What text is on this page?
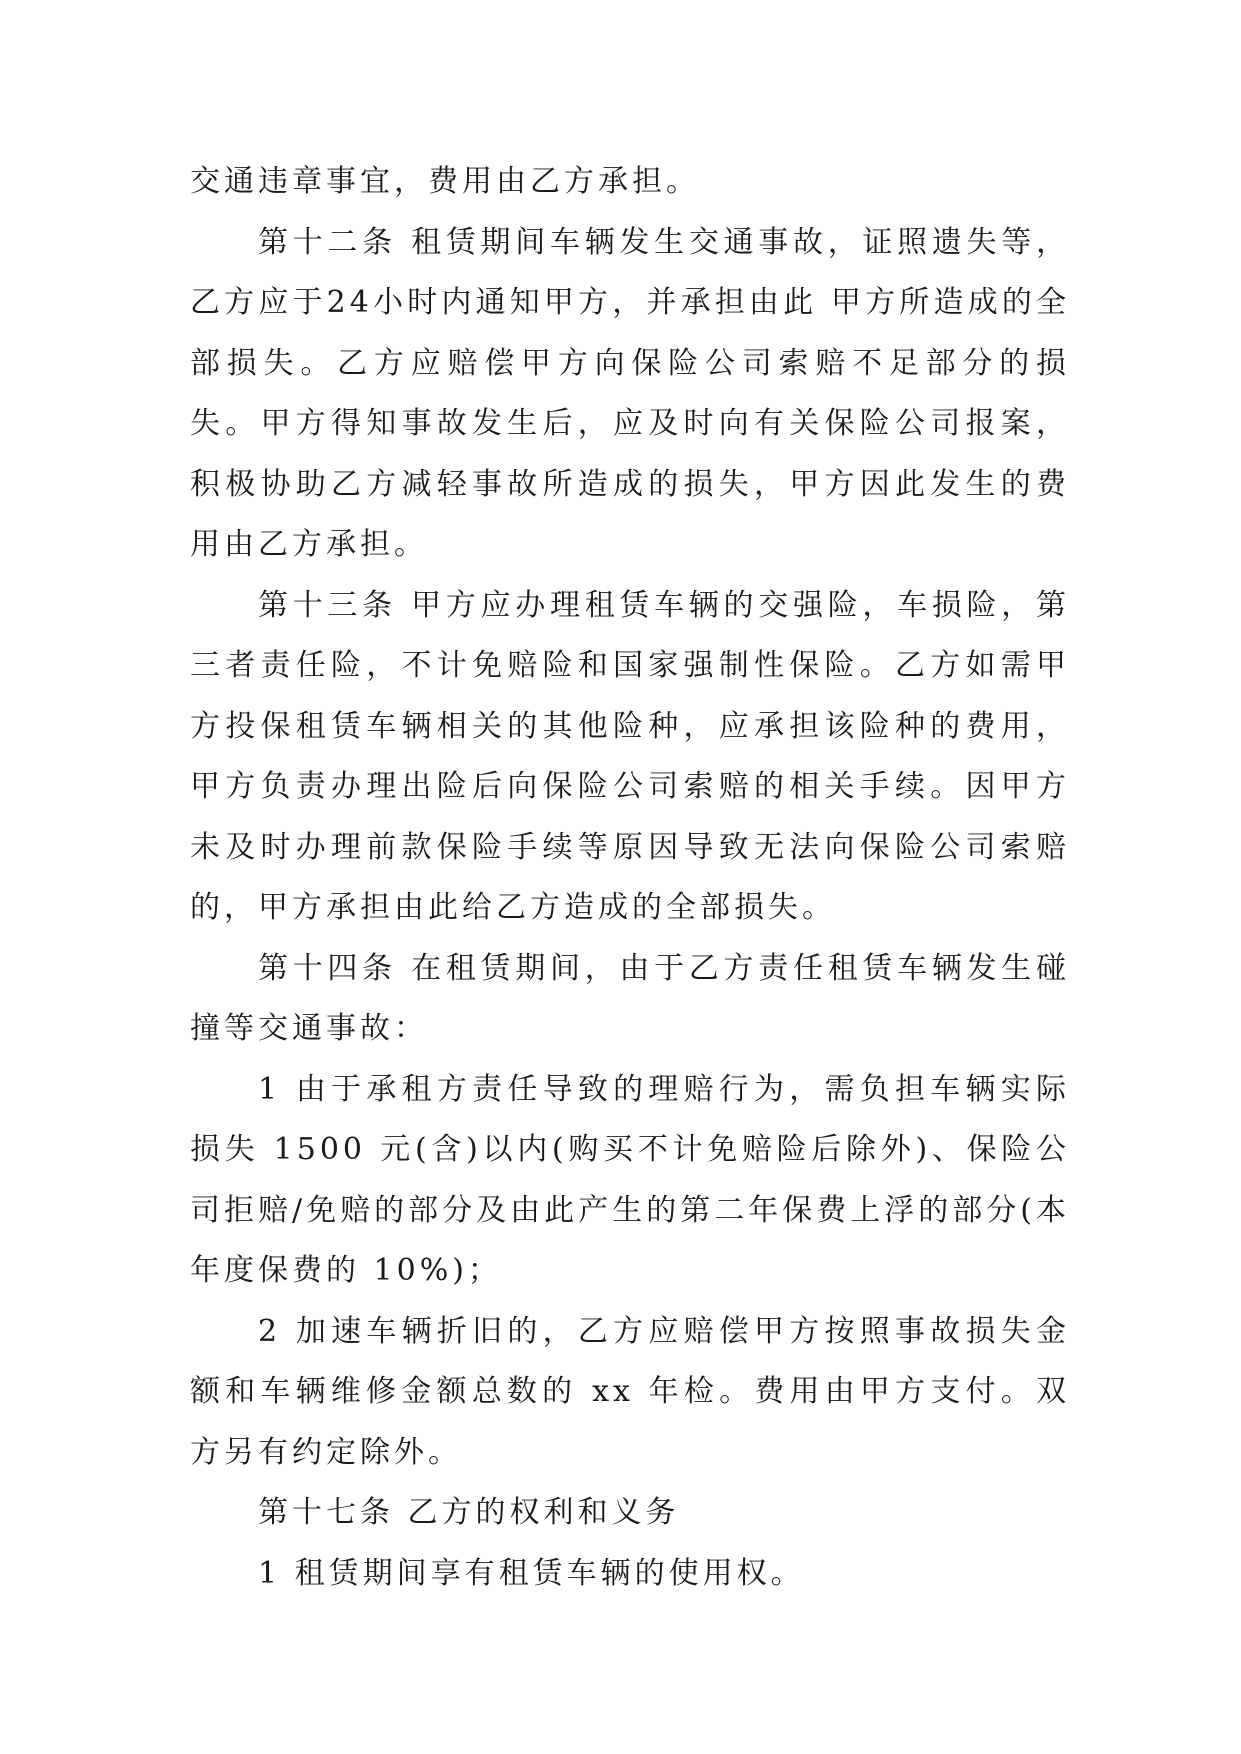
交通违章事宜，费用由乙方承担。

第十二条 租赁期间车辆发生交通事故，证照遗失等，乙方应于24小时内通知甲方，并承担由此 甲方所造成的全部损失。乙方应赔偿甲方向保险公司索赔不足部分的损失。甲方得知事故发生后，应及时向有关保险公司报案，积极协助乙方减轻事故所造成的损失，甲方因此发生的费用由乙方承担。

第十三条 甲方应办理租赁车辆的交强险，车损险，第三者责任险，不计免赔险和国家强制性保险。乙方如需甲方投保租赁车辆相关的其他险种，应承担该险种的费用，甲方负责办理出险后向保险公司索赔的相关手续。因甲方未及时办理前款保险手续等原因导致无法向保险公司索赔的，甲方承担由此给乙方造成的全部损失。

第十四条 在租赁期间，由于乙方责任租赁车辆发生碰撞等交通事故：

1 由于承租方责任导致的理赔行为，需负担车辆实际损失 1500 元(含)以内(购买不计免赔险后除外)、保险公司拒赔/免赔的部分及由此产生的第二年保费上浮的部分(本年度保费的 10%)；

2 加速车辆折旧的，乙方应赔偿甲方按照事故损失金额和车辆维修金额总数的 xx 年检。费用由甲方支付。双方另有约定除外。

第十七条 乙方的权利和义务

1 租赁期间享有租赁车辆的使用权。
